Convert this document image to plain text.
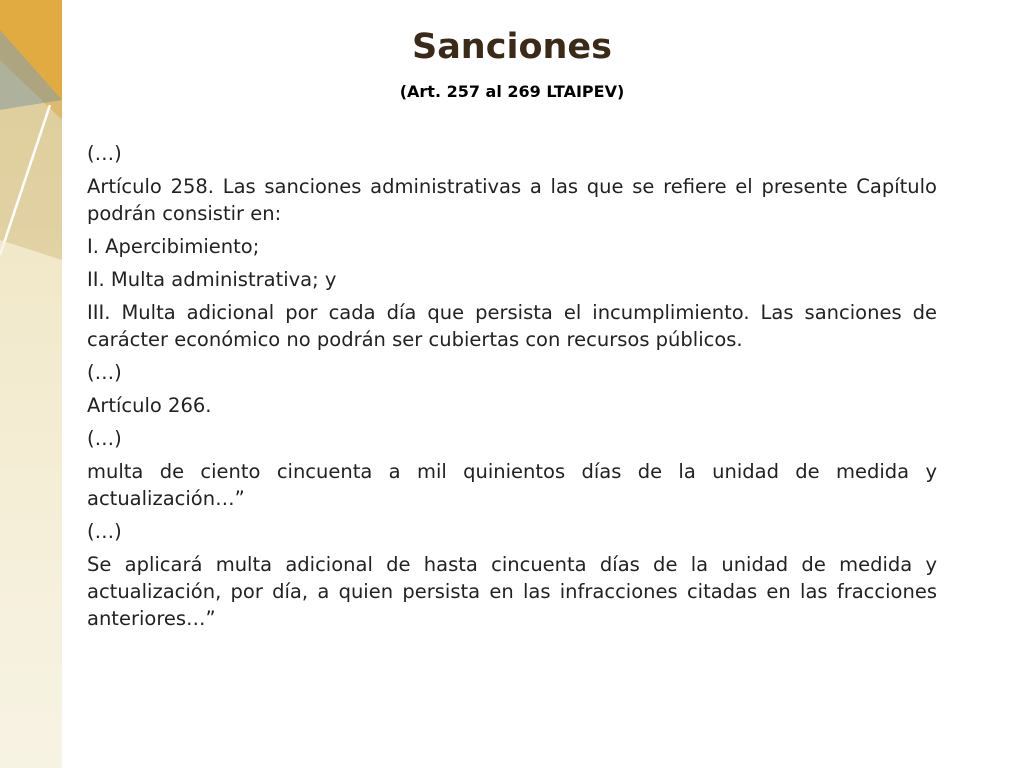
Sanciones
(Art. 257 al 269 LTAIPEV)

(…)

Artículo 258. Las sanciones administrativas a las que se refiere el presente Capítulo podrán consistir en:

I. Apercibimiento;

II. Multa administrativa; y

III. Multa adicional por cada día que persista el incumplimiento. Las sanciones de carácter económico no podrán ser cubiertas con recursos públicos.

(…)

Artículo 266.

(…)

multa de ciento cincuenta a mil quinientos días de la unidad de medida y actualización…”

(…)

Se aplicará multa adicional de hasta cincuenta días de la unidad de medida y actualización, por día, a quien persista en las infracciones citadas en las fracciones anteriores…”
